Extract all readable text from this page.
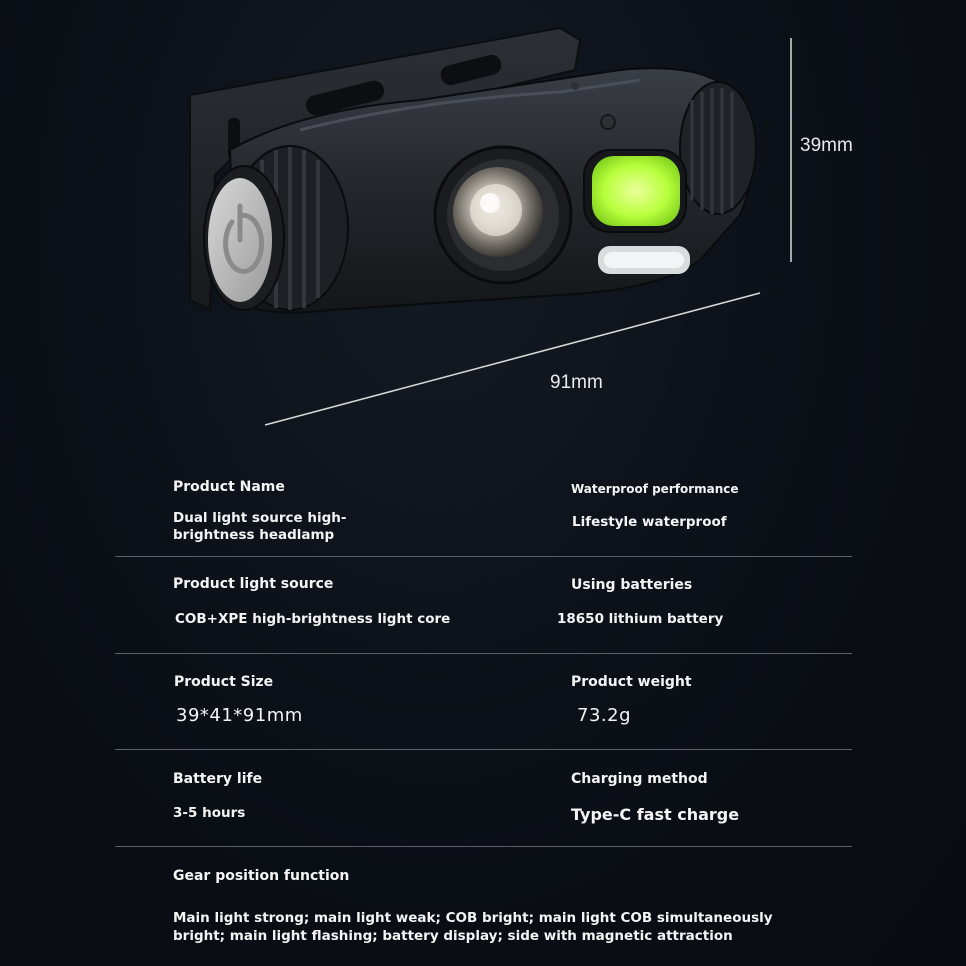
39mm
91mm
Product Name
Dual light source high-
brightness headlamp
Waterproof performance
Lifestyle waterproof
Product light source
COB+XPE high-brightness light core
Using batteries
18650 lithium battery
Product Size
39*41*91mm
Product weight
73.2g
Battery life
3-5 hours
Charging method
Type-C fast charge
Gear position function
Main light strong; main light weak; COB bright; main light COB simultaneously
bright; main light flashing; battery display; side with magnetic attraction
